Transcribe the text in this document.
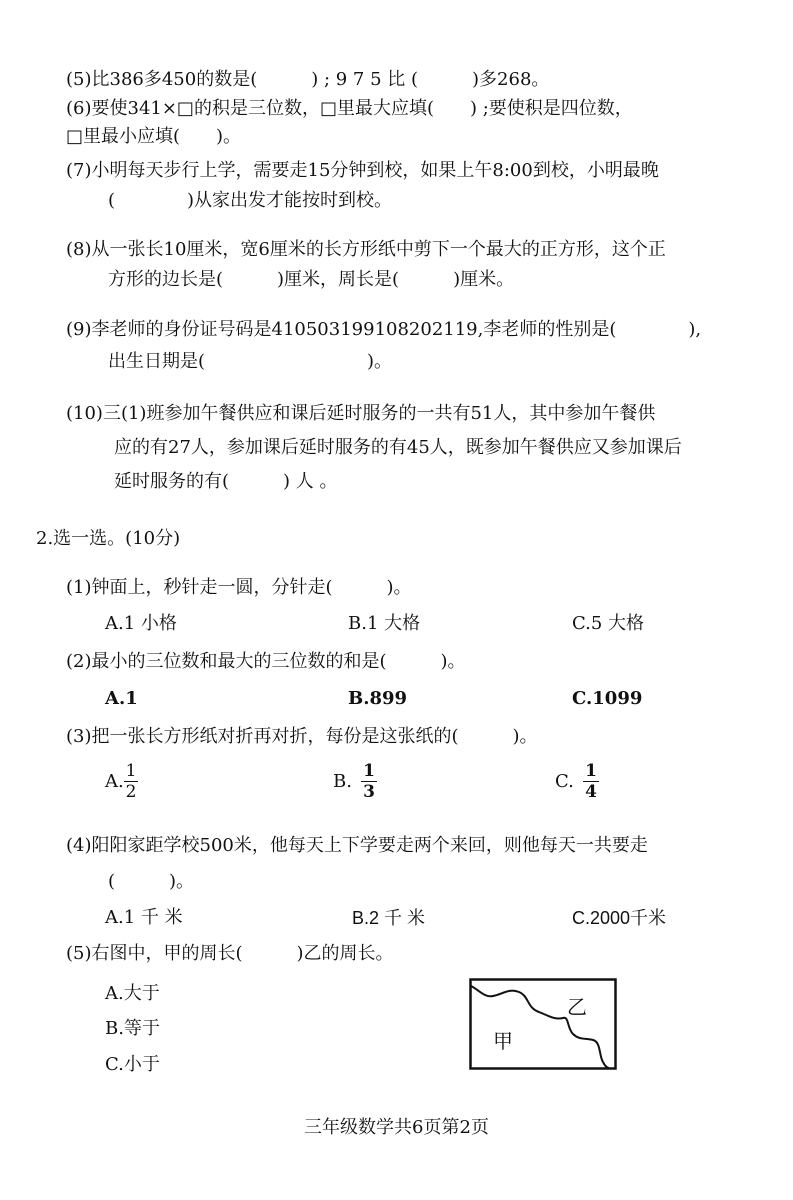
(5)比386多450的数是(　　　) ; 9 7 5 比 (　　　)多268。
(6)要使341×□的积是三位数，□里最大应填(　　) ;要使积是四位数，
□里最小应填(　　)。
(7)小明每天步行上学，需要走15分钟到校，如果上午8:00到校，小明最晚
(　　　　)从家出发才能按时到校。
(8)从一张长10厘米，宽6厘米的长方形纸中剪下一个最大的正方形，这个正
方形的边长是(　　　)厘米，周长是(　　　)厘米。
(9)李老师的身份证号码是410503199108202119,李老师的性别是(　　　　),
出生日期是(　　　　　　　　　)。
(10)三(1)班参加午餐供应和课后延时服务的一共有51人，其中参加午餐供
应的有27人，参加课后延时服务的有45人，既参加午餐供应又参加课后
延时服务的有(　　　) 人 。
2.选一选。(10分)
(1)钟面上，秒针走一圆，分针走(　　　)。
A.1 小格	B.1 大格	C.5 大格
(2)最小的三位数和最大的三位数的和是(　　　)。
A.1	B.899	C.1099
(3)把一张长方形纸对折再对折，每份是这张纸的(　　　)。
A. 1
2	B. 1
3	C. 1
4
(4)阳阳家距学校500米，他每天上下学要走两个来回，则他每天一共要走
(　　　)。
A.1 千 米	B.2 千 米	C.2000千米
(5)右图中，甲的周长(　　　)乙的周长。
A.大于
B.等于
C.小于
乙
甲
三年级数学共6页第2页
